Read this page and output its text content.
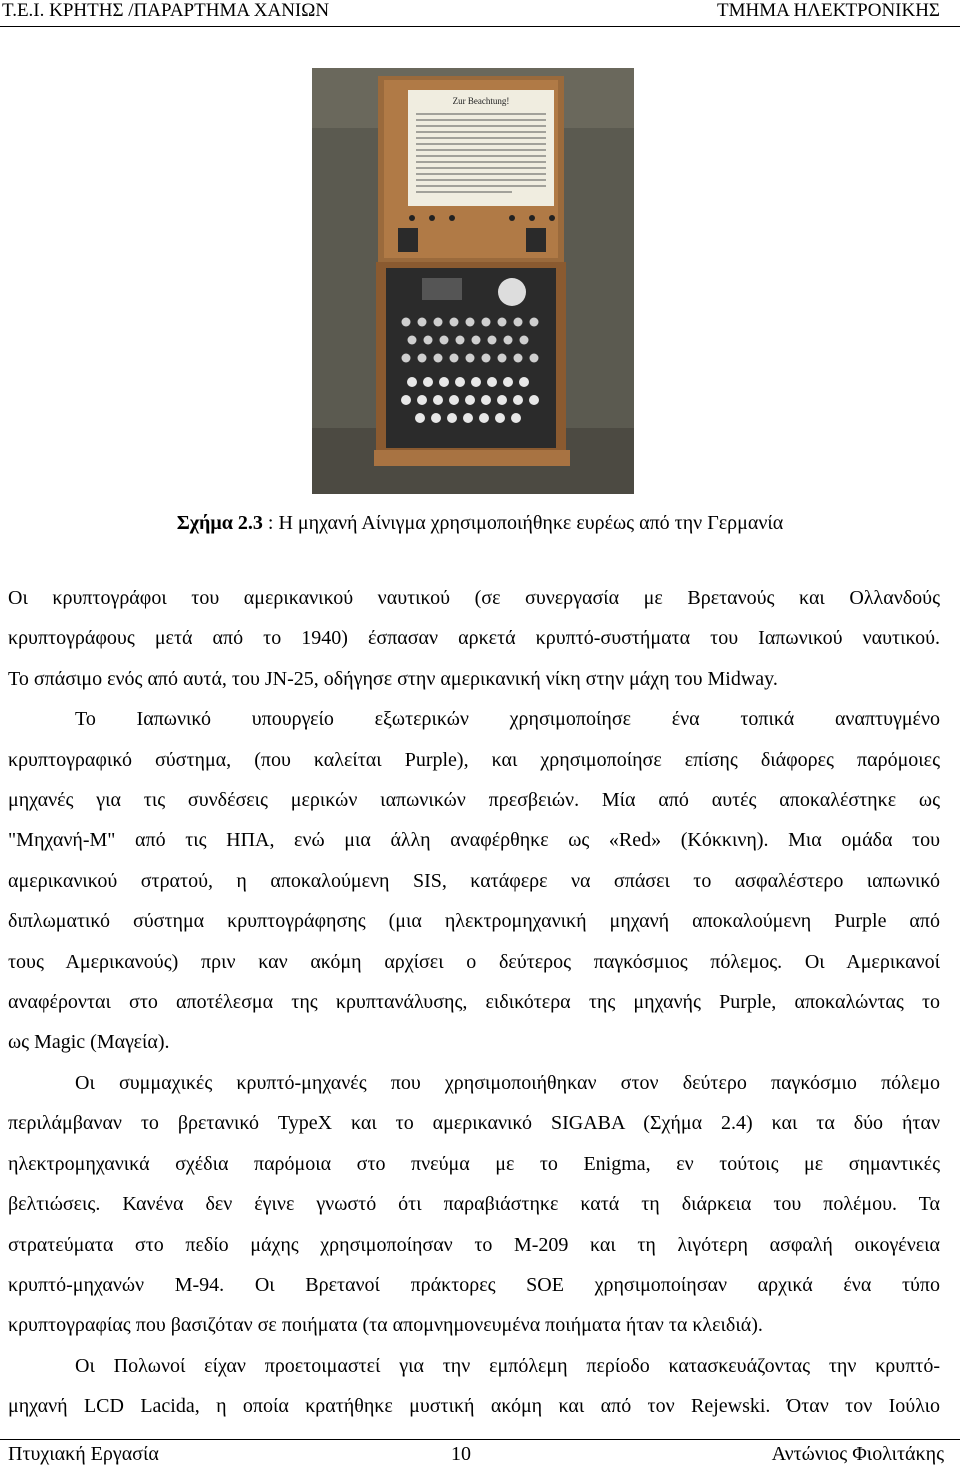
Τ.Ε.Ι. ΚΡΗΤΗΣ /ΠΑΡΑΡΤΗΜΑ ΧΑΝΙΩΝ	ΤΜΗΜΑ ΗΛΕΚΤΡΟΝΙΚΗΣ
Zur Beachtung!
Σχήμα 2.3 : Η μηχανή Αίνιγμα χρησιμοποιήθηκε ευρέως από την Γερμανία

Οι κρυπτογράφοι του αμερικανικού ναυτικού (σε συνεργασία με Βρετανούς και Ολλανδούς
κρυπτογράφους μετά από το 1940) έσπασαν αρκετά κρυπτό-συστήματα του Ιαπωνικού ναυτικού.
Το σπάσιμο ενός από αυτά, του JN-25, οδήγησε στην αμερικανική νίκη στην μάχη του Midway.

Το Ιαπωνικό υπουργείο εξωτερικών χρησιμοποίησε ένα τοπικά αναπτυγμένο
κρυπτογραφικό σύστημα, (που καλείται Purple), και χρησιμοποίησε επίσης διάφορες παρόμοιες
μηχανές για τις συνδέσεις μερικών ιαπωνικών πρεσβειών. Μία από αυτές αποκαλέστηκε ως
"Μηχανή-M" από τις ΗΠΑ, ενώ μια άλλη αναφέρθηκε ως «Red» (Κόκκινη). Μια ομάδα του
αμερικανικού στρατού, η αποκαλούμενη SIS, κατάφερε να σπάσει το ασφαλέστερο ιαπωνικό
διπλωματικό σύστημα κρυπτογράφησης (μια ηλεκτρομηχανική μηχανή αποκαλούμενη Purple από
τους Αμερικανούς) πριν καν ακόμη αρχίσει ο δεύτερος παγκόσμιος πόλεμος. Οι Αμερικανοί
αναφέρονται στο αποτέλεσμα της κρυπτανάλυσης, ειδικότερα της μηχανής Purple, αποκαλώντας το
ως Magic (Μαγεία).

Οι συμμαχικές κρυπτό-μηχανές που χρησιμοποιήθηκαν στον δεύτερο παγκόσμιο πόλεμο
περιλάμβαναν το βρετανικό TypeX και το αμερικανικό SIGABA (Σχήμα 2.4) και τα δύο ήταν
ηλεκτρομηχανικά σχέδια παρόμοια στο πνεύμα με το Enigma, εν τούτοις με σημαντικές
βελτιώσεις. Κανένα δεν έγινε γνωστό ότι παραβιάστηκε κατά τη διάρκεια του πολέμου. Τα
στρατεύματα στο πεδίο μάχης χρησιμοποίησαν το M-209 και τη λιγότερη ασφαλή οικογένεια
κρυπτό-μηχανών M-94. Οι Βρετανοί πράκτορες SOE χρησιμοποίησαν αρχικά ένα τύπο
κρυπτογραφίας που βασιζόταν σε ποιήματα (τα απομνημονευμένα ποιήματα ήταν τα κλειδιά).

Οι Πολωνοί είχαν προετοιμαστεί για την εμπόλεμη περίοδο κατασκευάζοντας την κρυπτό-
μηχανή LCD Lacida, η οποία κρατήθηκε μυστική ακόμη και από τον Rejewski. Όταν τον Ιούλιο

Πτυχιακή Εργασία	10	Αντώνιος Φιολιτάκης
